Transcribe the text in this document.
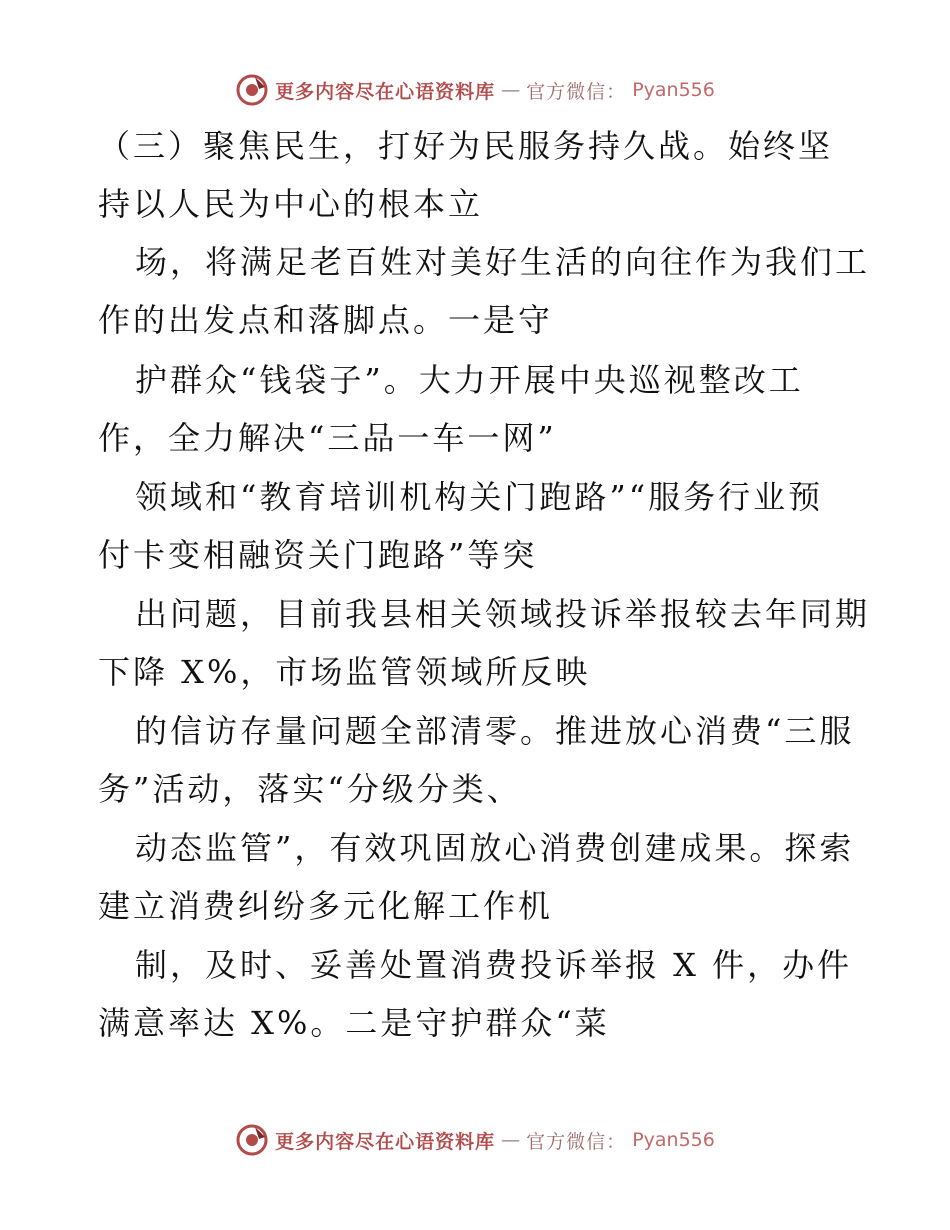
更多内容尽在心语资料库 — 官方微信： Pyan556
（三）聚焦民生，打好为民服务持久战。始终坚
持以人民为中心的根本立
场，将满足老百姓对美好生活的向往作为我们工
作的出发点和落脚点。一是守
护群众“钱袋子”。大力开展中央巡视整改工
作，全力解决“三品一车一网”
领域和“教育培训机构关门跑路”“服务行业预
付卡变相融资关门跑路”等突
出问题，目前我县相关领域投诉举报较去年同期
下降 X%，市场监管领域所反映
的信访存量问题全部清零。推进放心消费“三服
务”活动，落实“分级分类、
动态监管”，有效巩固放心消费创建成果。探索
建立消费纠纷多元化解工作机
制，及时、妥善处置消费投诉举报 X 件，办件
满意率达 X%。二是守护群众“菜
更多内容尽在心语资料库 — 官方微信： Pyan556
